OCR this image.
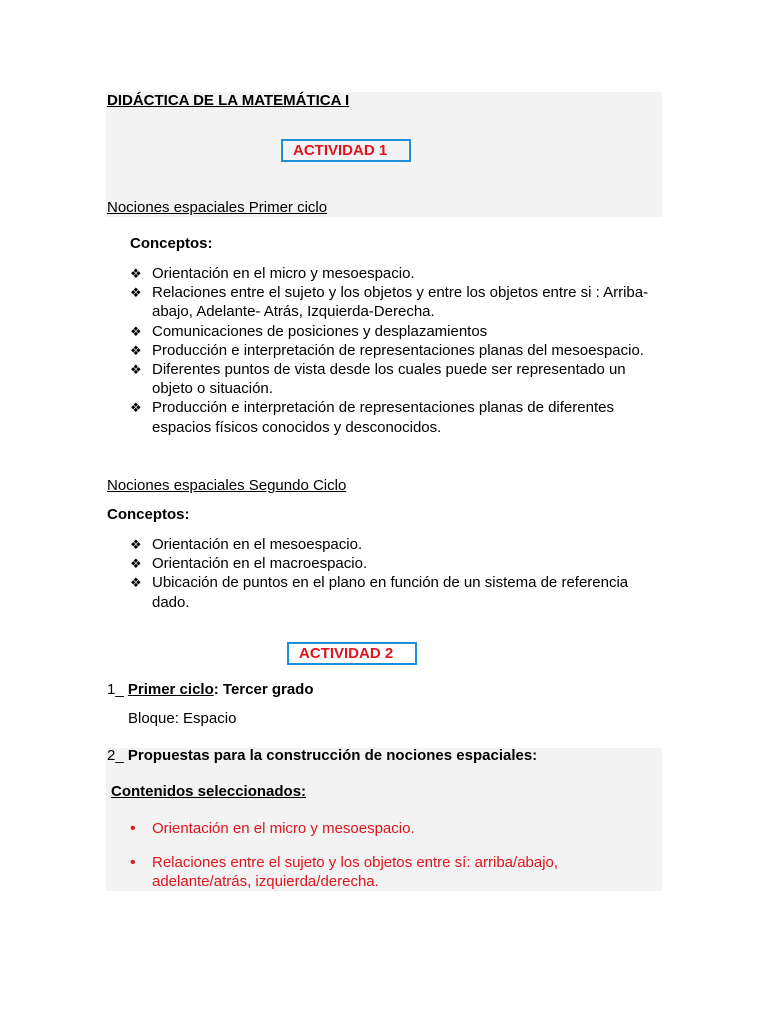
DIDÁCTICA DE LA MATEMÁTICA I
ACTIVIDAD 1
Nociones espaciales Primer ciclo
Conceptos:
❖ Orientación en el micro y mesoespacio.
❖ Relaciones entre el sujeto y los objetos y entre los objetos entre si : Arriba-abajo, Adelante- Atrás, Izquierda-Derecha.
❖ Comunicaciones de posiciones y desplazamientos
❖ Producción e interpretación de representaciones planas del mesoespacio.
❖ Diferentes puntos de vista desde los cuales puede ser representado un objeto o situación.
❖ Producción e interpretación de representaciones planas de diferentes espacios físicos conocidos y desconocidos.
Nociones espaciales Segundo Ciclo
Conceptos:
❖ Orientación en el mesoespacio.
❖ Orientación en el macroespacio.
❖ Ubicación de puntos en el plano en función de un sistema de referencia dado.
ACTIVIDAD 2
1_ Primer ciclo: Tercer grado
Bloque: Espacio
2_ Propuestas para la construcción de nociones espaciales:
Contenidos seleccionados:
• Orientación en el micro y mesoespacio.
• Relaciones entre el sujeto y los objetos entre sí: arriba/abajo, adelante/atrás, izquierda/derecha.
